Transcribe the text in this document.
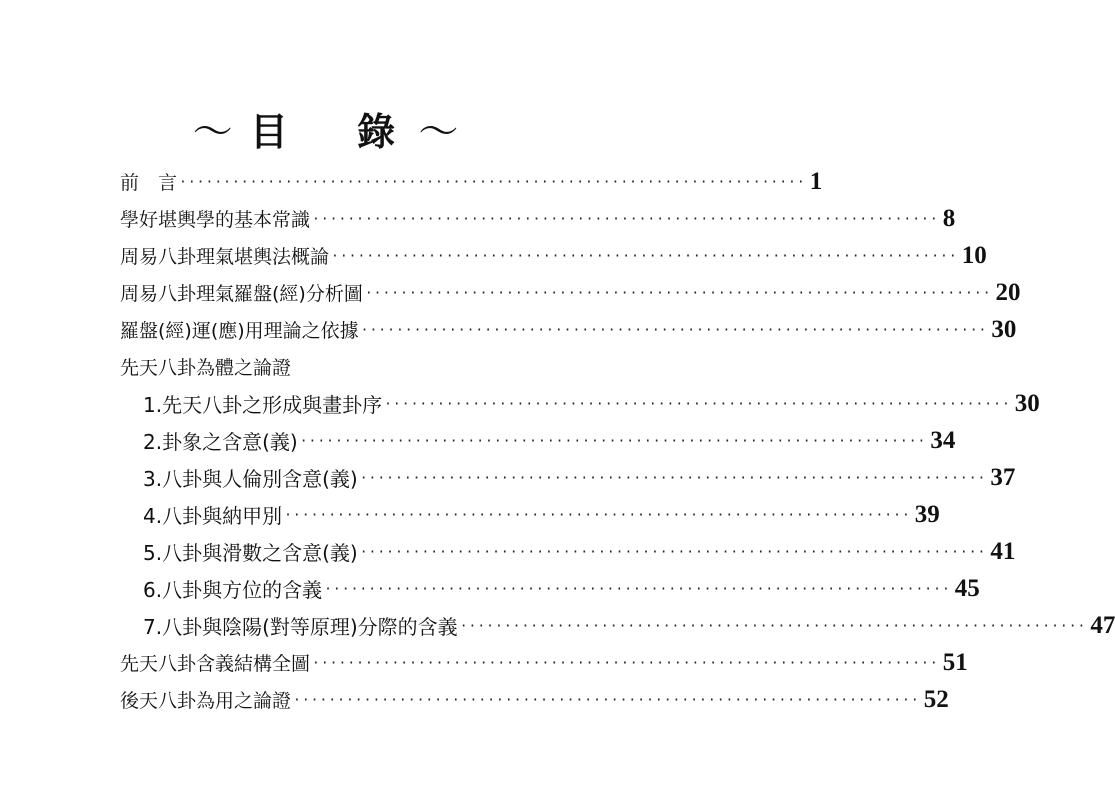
〜 目 錄 〜
前　言 ······································································· 1
學好堪輿學的基本常識 ······································································· 8
周易八卦理氣堪輿法概論 ······································································· 10
周易八卦理氣羅盤(經)分析圖 ······································································· 20
羅盤(經)運(應)用理論之依據 ······································································· 30
先天八卦為體之論證
1.先天八卦之形成與畫卦序 ······································································· 30
2.卦象之含意(義) ······································································· 34
3.八卦與人倫別含意(義) ······································································· 37
4.八卦與納甲別 ······································································· 39
5.八卦與滑數之含意(義) ······································································· 41
6.八卦與方位的含義 ······································································· 45
7.八卦與陰陽(對等原理)分際的含義 ······································································· 47
先天八卦含義結構全圖 ······································································· 51
後天八卦為用之論證 ······································································· 52
